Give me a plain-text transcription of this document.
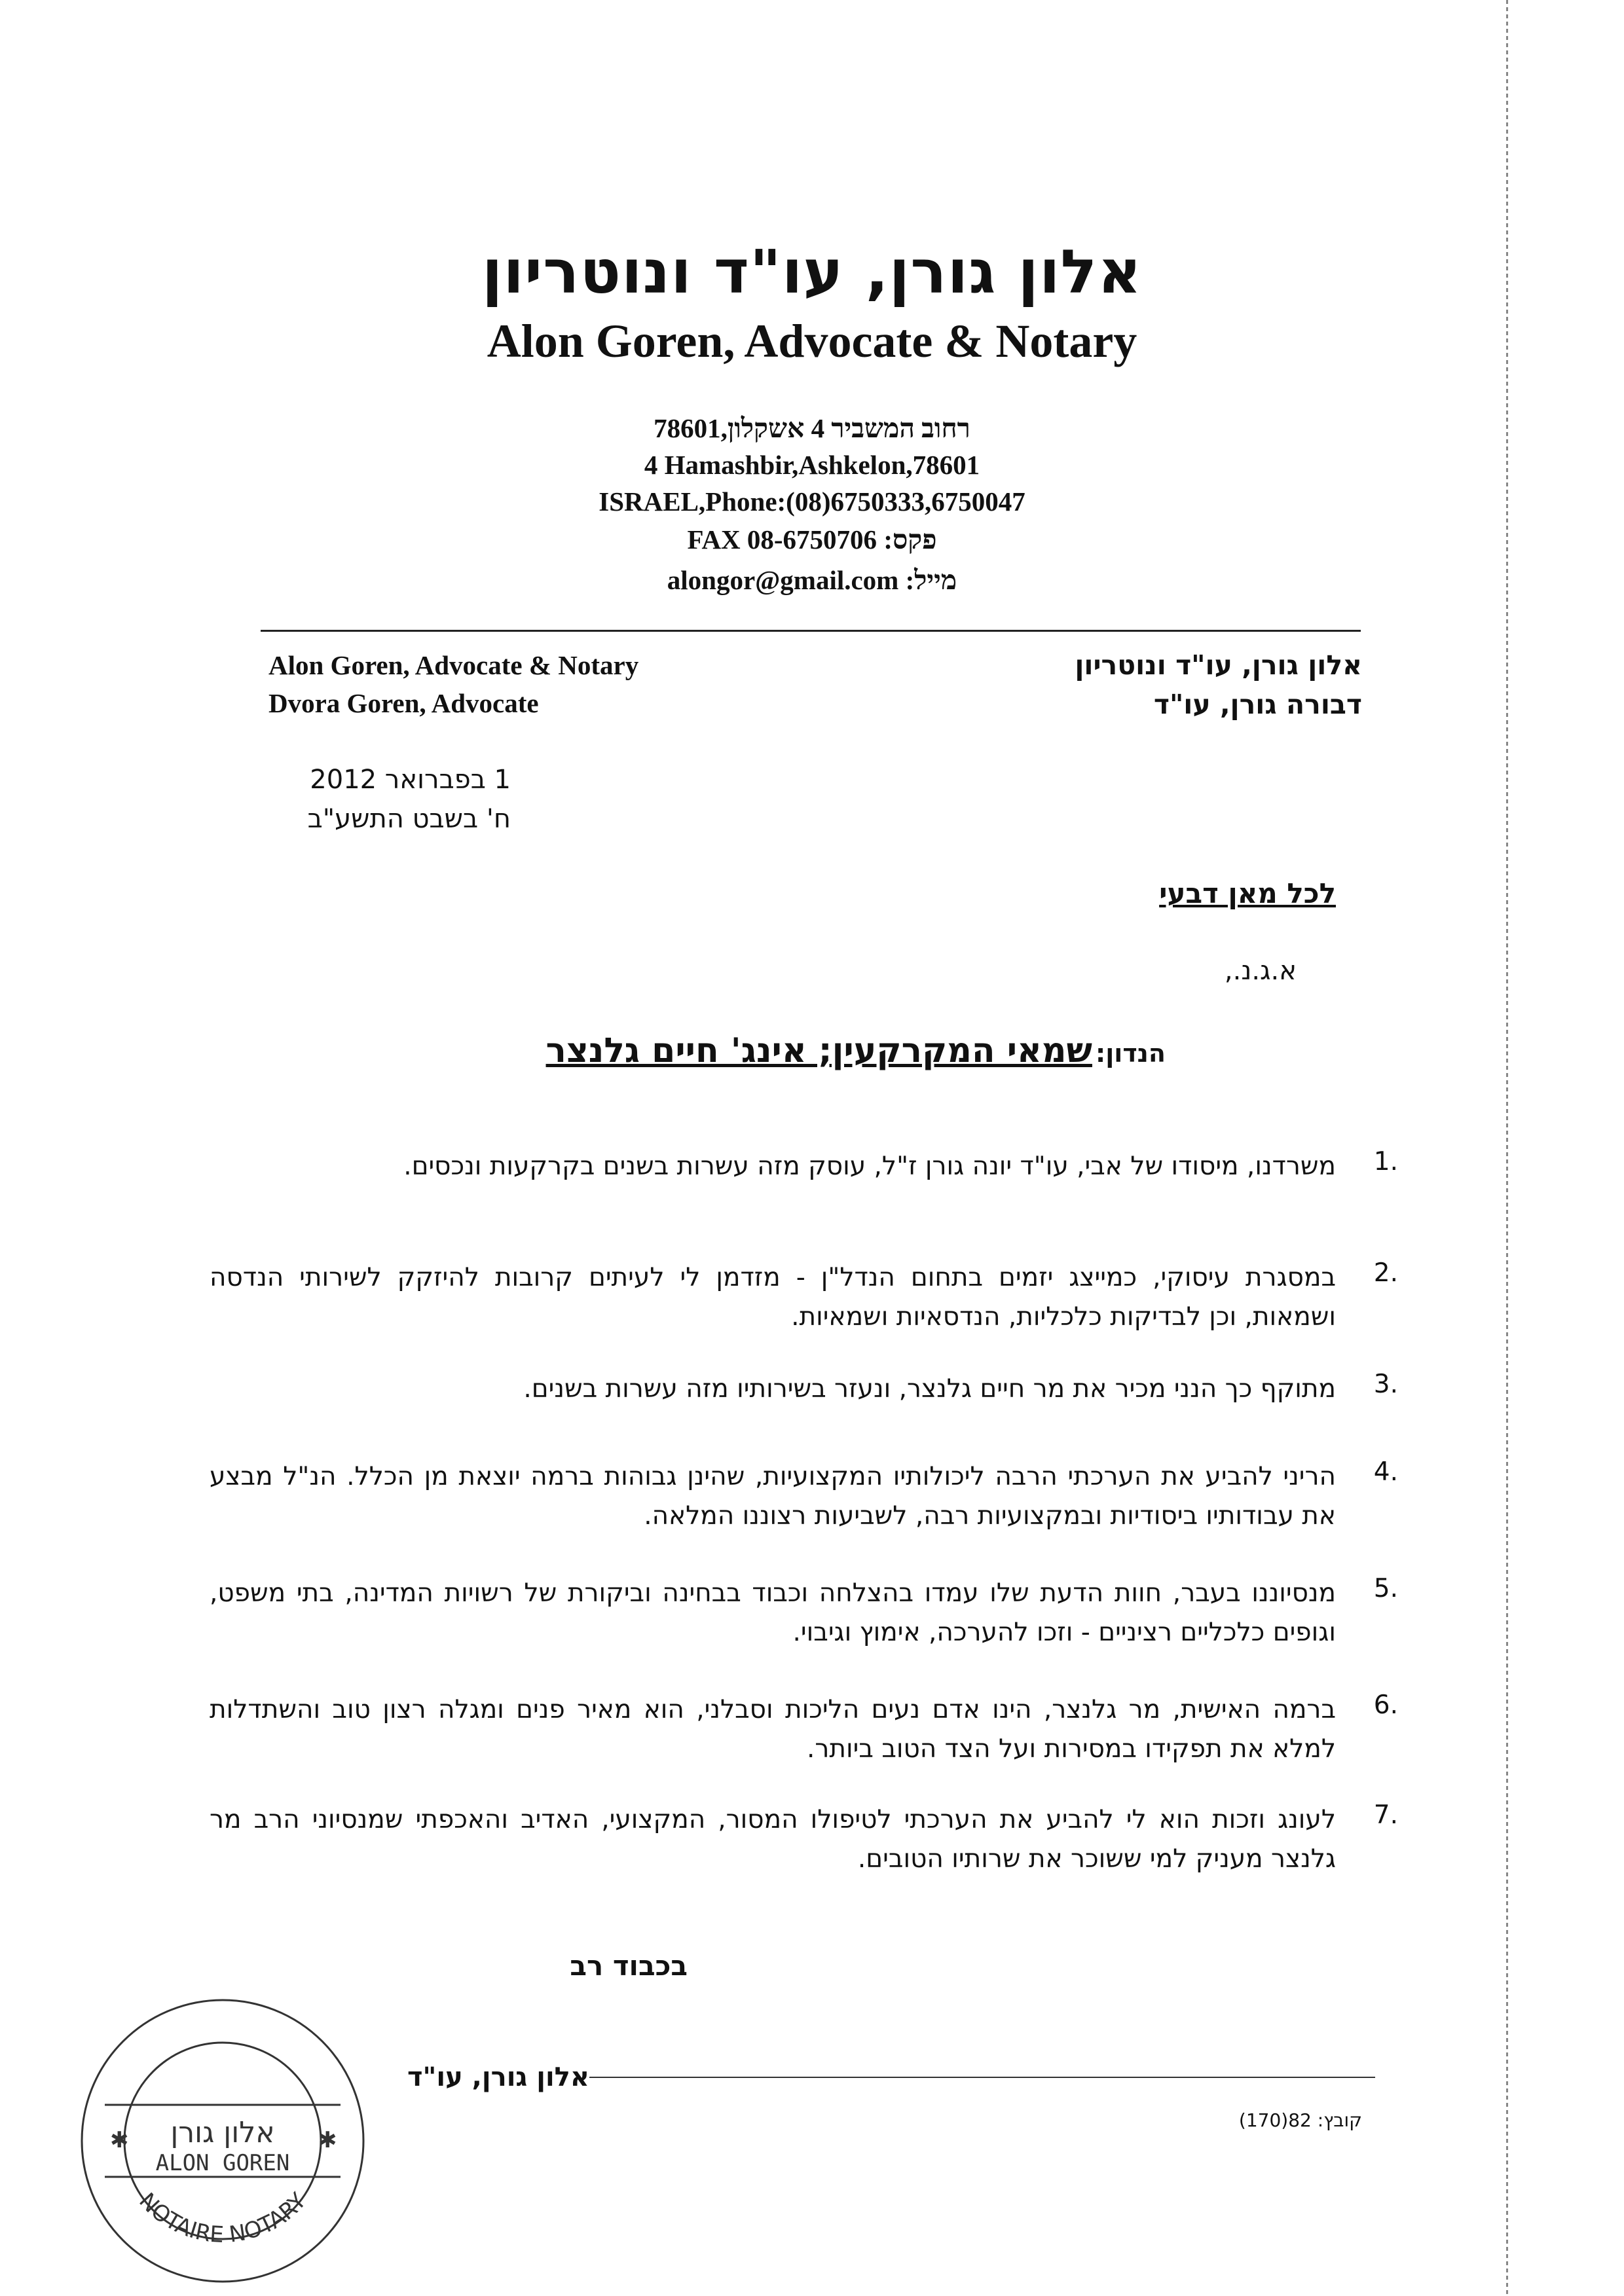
אלון גורן, עו"ד ונוטריון
Alon Goren, Advocate & Notary
רחוב המשביר 4 אשקלון,78601
4 Hamashbir,Ashkelon,78601
ISRAEL,Phone:(08)6750333,6750047
FAX 08-6750706 פקס:
alongor@gmail.com מייל:
Alon Goren, Advocate & Notary
Dvora Goren, Advocate
אלון גורן, עו"ד ונוטריון
דבורה גורן, עו"ד
1 בפברואר 2012
ח' בשבט התשע"ב
לכל מאן דבעי
א.ג.נ.,
הנדון: שמאי המקרקעין; אינג' חיים גלנצר
1.
משרדנו, מיסודו של אבי, עו"ד יונה גורן ז"ל, עוסק מזה עשרות בשנים בקרקעות ונכסים.
2.
במסגרת עיסוקי, כמייצג יזמים בתחום הנדל"ן - מזדמן לי לעיתים קרובות להיזקק לשירותי הנדסה ושמאות, וכן לבדיקות כלכליות, הנדסאיות ושמאיות.
3.
מתוקף כך הנני מכיר את מר חיים גלנצר, ונעזר בשירותיו מזה עשרות בשנים.
4.
הריני להביע את הערכתי הרבה ליכולותיו המקצועיות, שהינן גבוהות ברמה יוצאת מן הכלל. הנ"ל מבצע את עבודותיו ביסודיות ובמקצועיות רבה, לשביעות רצוננו המלאה.
5.
מנסיוננו בעבר, חוות הדעת שלו עמדו בהצלחה וכבוד בבחינה וביקורת של רשויות המדינה, בתי משפט, וגופים כלכליים רציניים - וזכו להערכה, אימוץ וגיבוי.
6.
ברמה האישית, מר גלנצר, הינו אדם נעים הליכות וסבלני, הוא מאיר פנים ומגלה רצון טוב והשתדלות למלא את תפקידו במסירות ועל הצד הטוב ביותר.
7.
לעונג וזכות הוא לי להביע את הערכתי לטיפולו המסור, המקצועי, האדיב והאכפתי שמנסיוני הרב מר גלנצר מעניק למי ששוכר את שרותיו הטובים.
בכבוד רב
אלון גורן, עו"ד
קובץ: 82(170)
אלון גורן
ALON GOREN
NOTAIRE NOTARY
✱	✱
